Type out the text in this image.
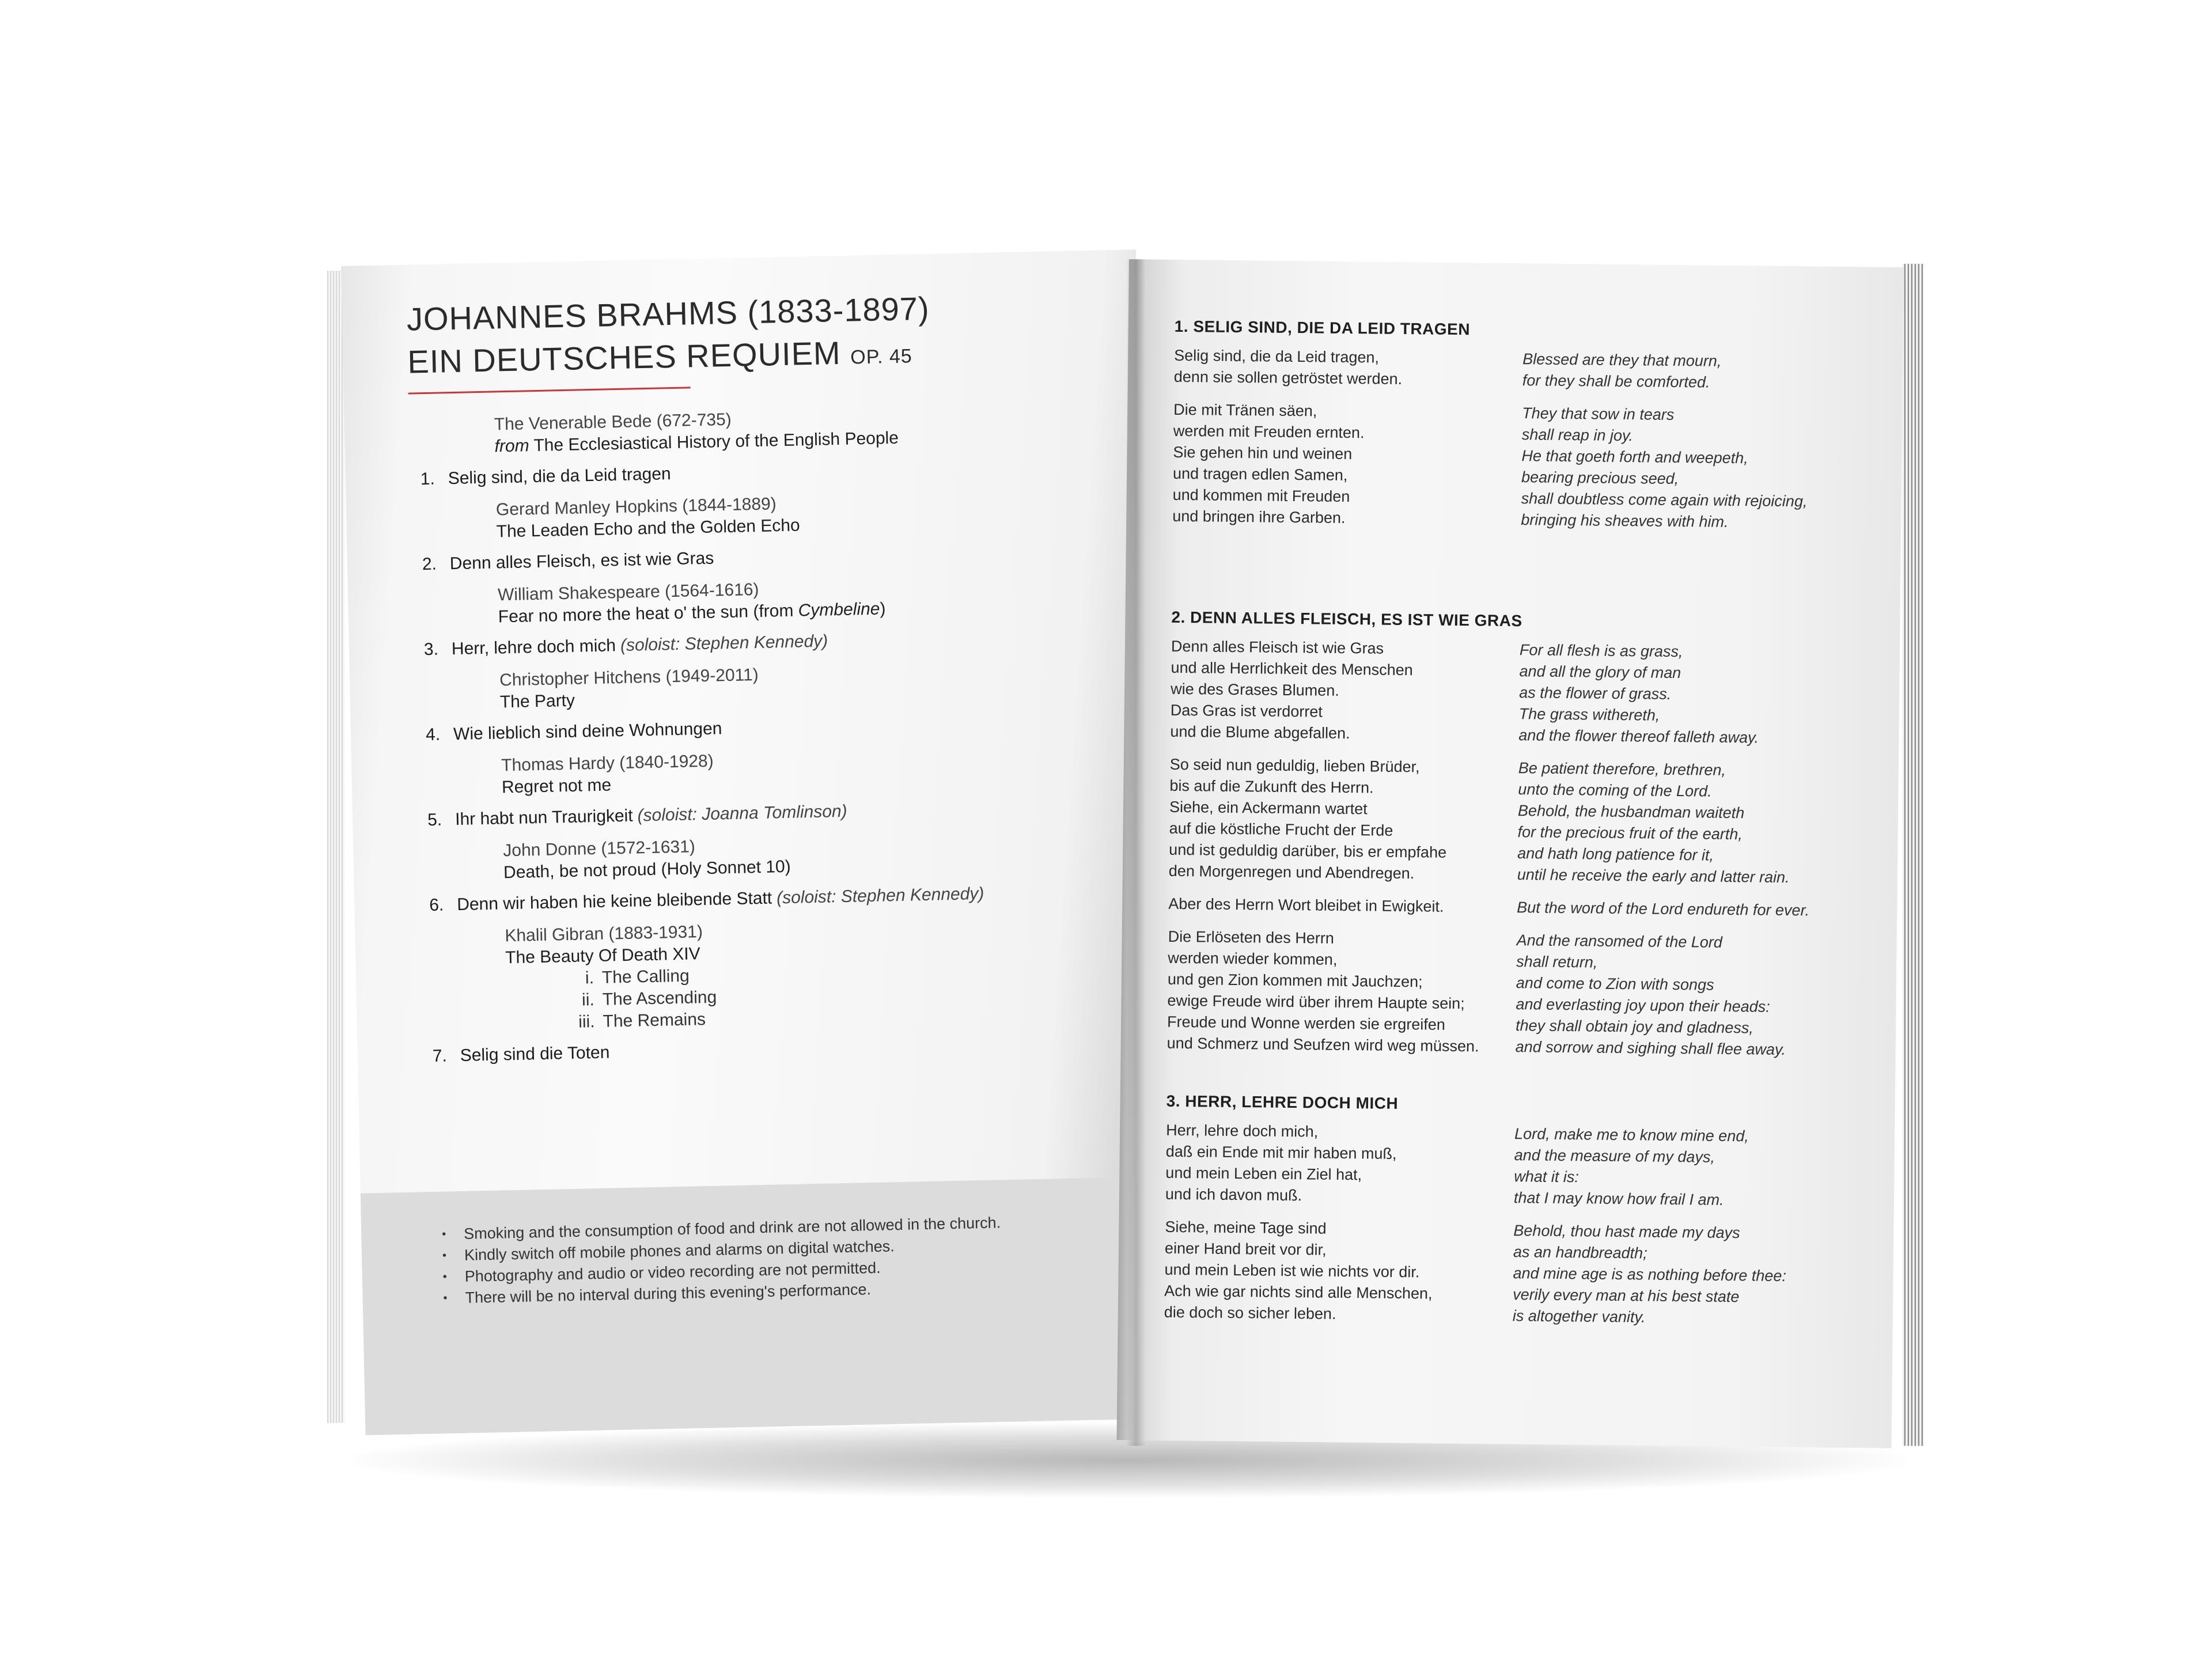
JOHANNES BRAHMS (1833-1897)
EIN DEUTSCHES REQUIEM OP. 45
The Venerable Bede (672-735)
from The Ecclesiastical History of the English People
1. Selig sind, die da Leid tragen
Gerard Manley Hopkins (1844-1889)
The Leaden Echo and the Golden Echo
2. Denn alles Fleisch, es ist wie Gras
William Shakespeare (1564-1616)
Fear no more the heat o' the sun (from Cymbeline)
3. Herr, lehre doch mich (soloist: Stephen Kennedy)
Christopher Hitchens (1949-2011)
The Party
4. Wie lieblich sind deine Wohnungen
Thomas Hardy (1840-1928)
Regret not me
5. Ihr habt nun Traurigkeit (soloist: Joanna Tomlinson)
John Donne (1572-1631)
Death, be not proud (Holy Sonnet 10)
6. Denn wir haben hie keine bleibende Statt (soloist: Stephen Kennedy)
Khalil Gibran (1883-1931)
The Beauty Of Death XIV
i. The Calling
ii. The Ascending
iii. The Remains
7. Selig sind die Toten
• Smoking and the consumption of food and drink are not allowed in the church.
• Kindly switch off mobile phones and alarms on digital watches.
• Photography and audio or video recording are not permitted.
• There will be no interval during this evening's performance.
1. SELIG SIND, DIE DA LEID TRAGEN
Selig sind, die da Leid tragen,
denn sie sollen getröstet werden.
Die mit Tränen säen,
werden mit Freuden ernten.
Sie gehen hin und weinen
und tragen edlen Samen,
und kommen mit Freuden
und bringen ihre Garben.
Blessed are they that mourn,
for they shall be comforted.
They that sow in tears
shall reap in joy.
He that goeth forth and weepeth,
bearing precious seed,
shall doubtless come again with rejoicing,
bringing his sheaves with him.
2. DENN ALLES FLEISCH, ES IST WIE GRAS
Denn alles Fleisch ist wie Gras
und alle Herrlichkeit des Menschen
wie des Grases Blumen.
Das Gras ist verdorret
und die Blume abgefallen.
So seid nun geduldig, lieben Brüder,
bis auf die Zukunft des Herrn.
Siehe, ein Ackermann wartet
auf die köstliche Frucht der Erde
und ist geduldig darüber, bis er empfahe
den Morgenregen und Abendregen.
Aber des Herrn Wort bleibet in Ewigkeit.
Die Erlöseten des Herrn
werden wieder kommen,
und gen Zion kommen mit Jauchzen;
ewige Freude wird über ihrem Haupte sein;
Freude und Wonne werden sie ergreifen
und Schmerz und Seufzen wird weg müssen.
For all flesh is as grass,
and all the glory of man
as the flower of grass.
The grass withereth,
and the flower thereof falleth away.
Be patient therefore, brethren,
unto the coming of the Lord.
Behold, the husbandman waiteth
for the precious fruit of the earth,
and hath long patience for it,
until he receive the early and latter rain.
But the word of the Lord endureth for ever.
And the ransomed of the Lord
shall return,
and come to Zion with songs
and everlasting joy upon their heads:
they shall obtain joy and gladness,
and sorrow and sighing shall flee away.
3. HERR, LEHRE DOCH MICH
Herr, lehre doch mich,
daß ein Ende mit mir haben muß,
und mein Leben ein Ziel hat,
und ich davon muß.
Siehe, meine Tage sind
einer Hand breit vor dir,
und mein Leben ist wie nichts vor dir.
Ach wie gar nichts sind alle Menschen,
die doch so sicher leben.
Lord, make me to know mine end,
and the measure of my days,
what it is:
that I may know how frail I am.
Behold, thou hast made my days
as an handbreadth;
and mine age is as nothing before thee:
verily every man at his best state
is altogether vanity.
